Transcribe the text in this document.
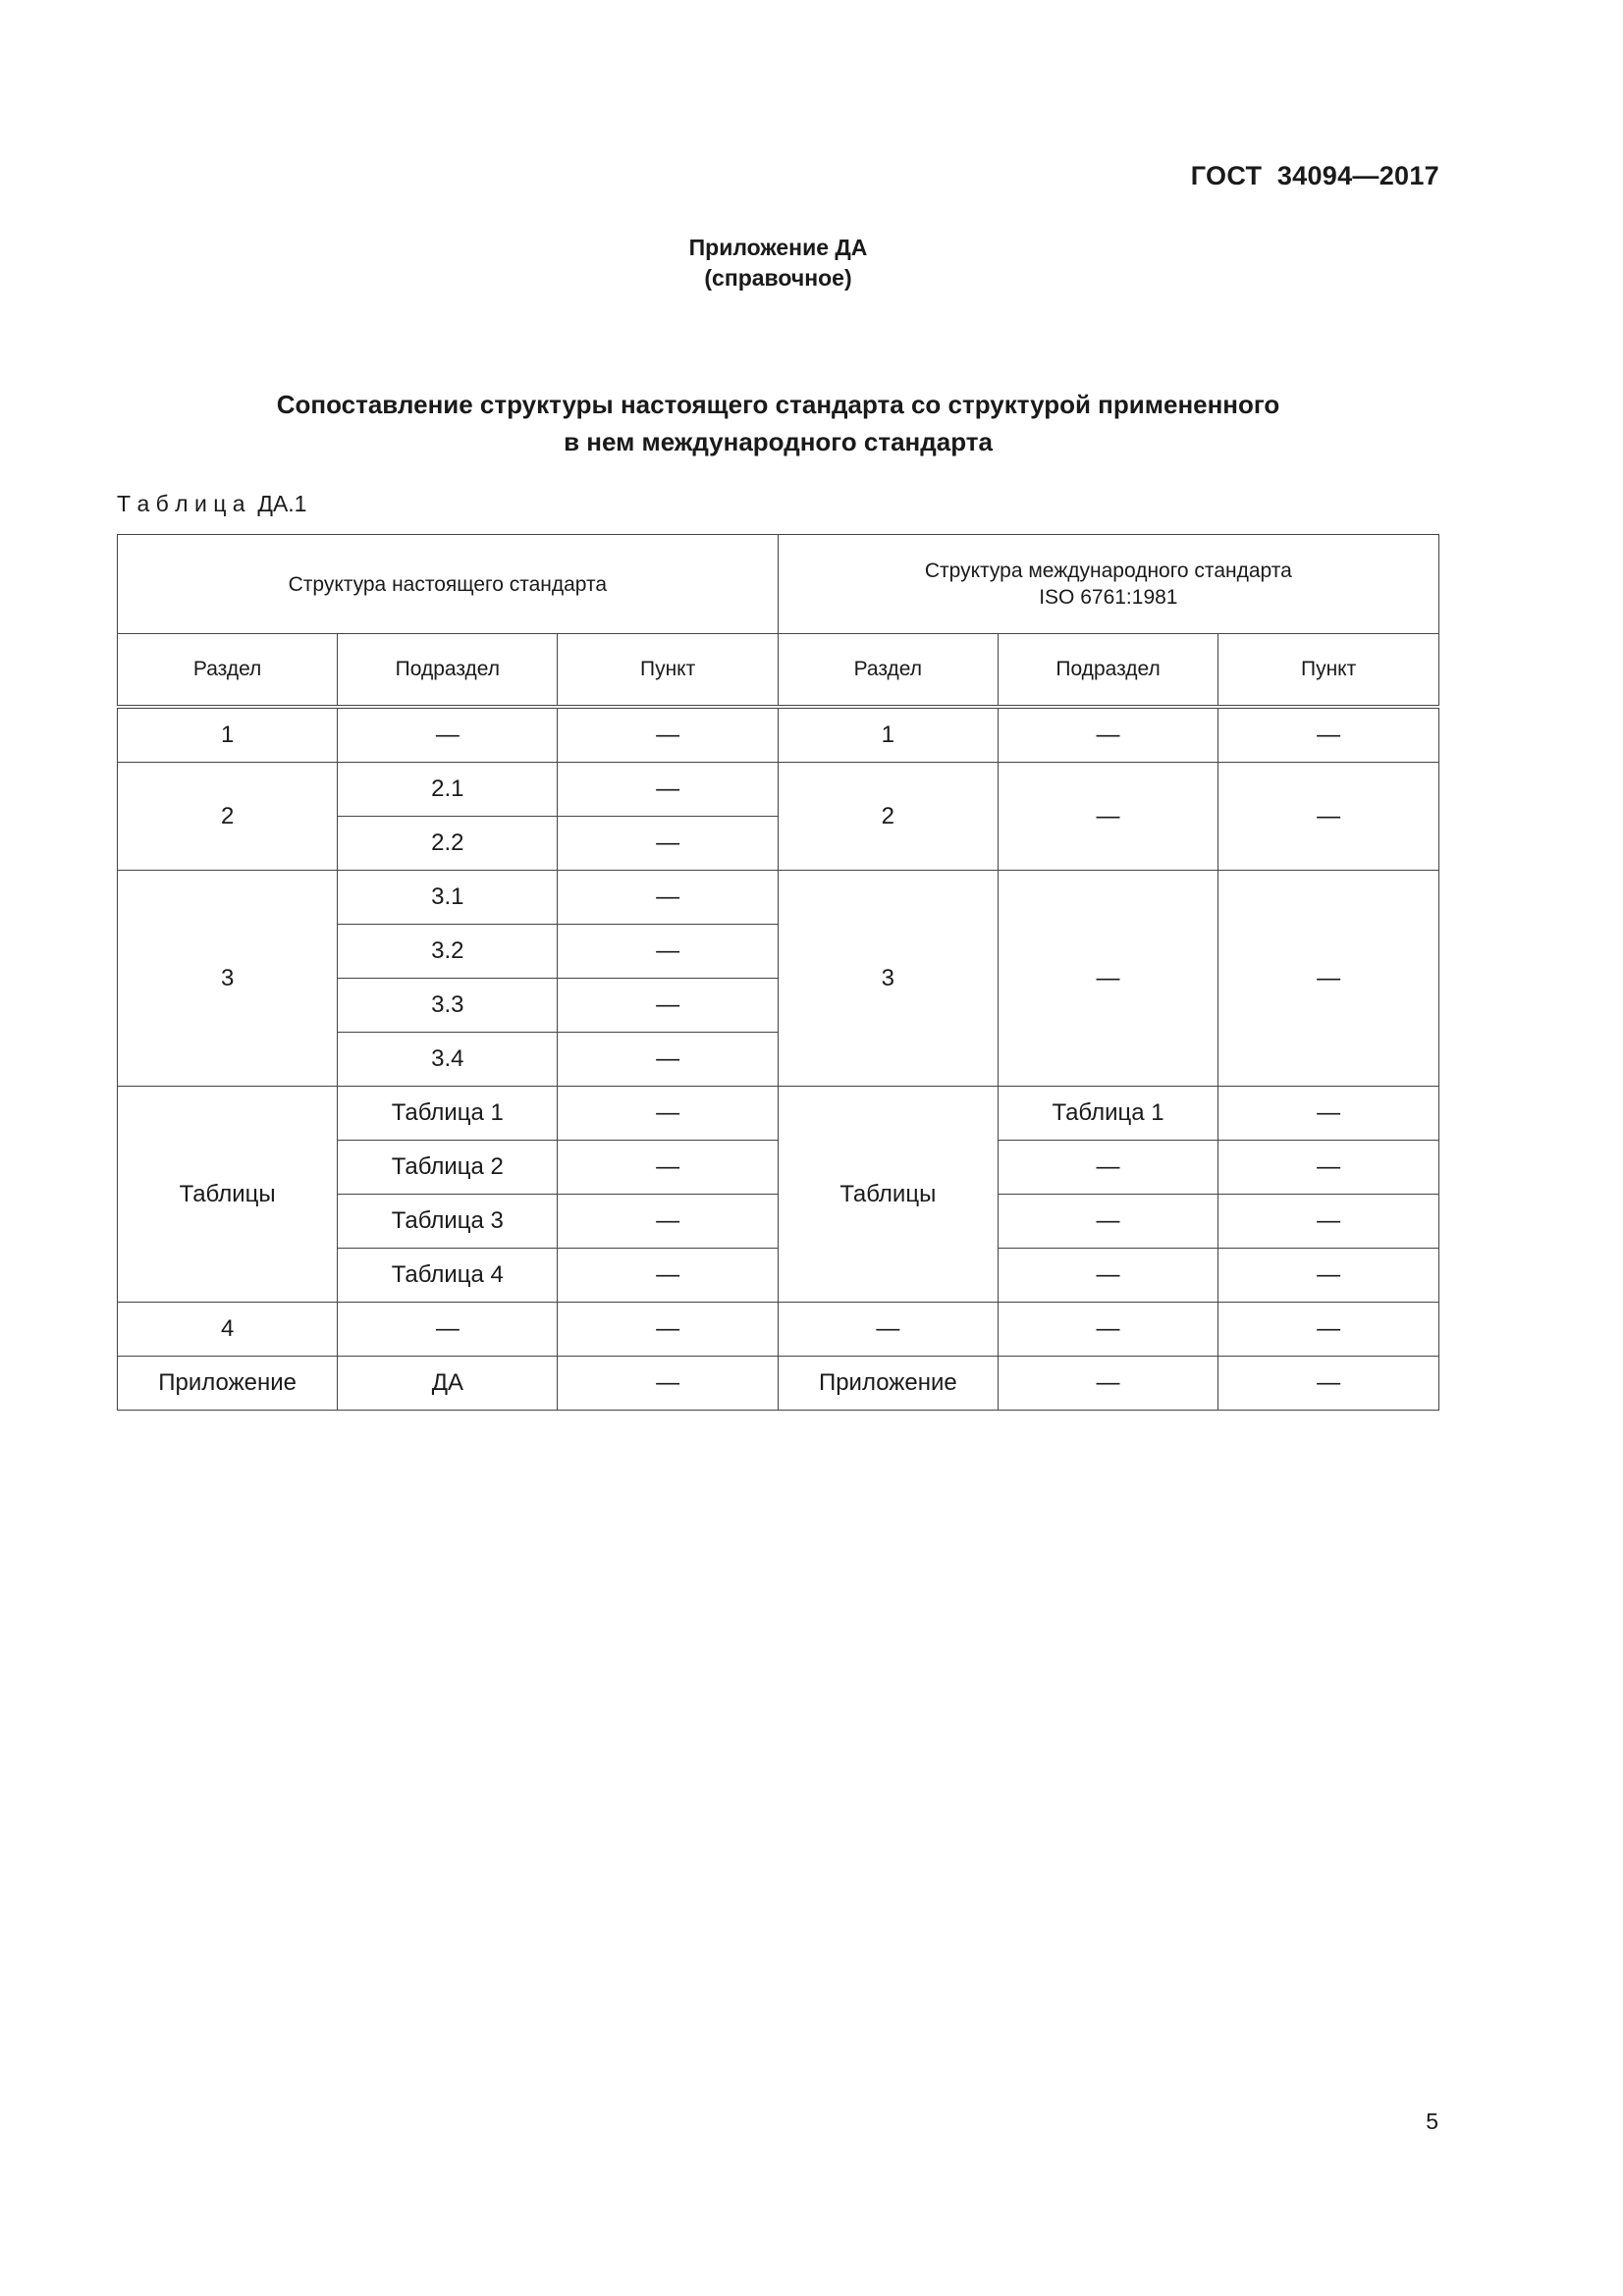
ГОСТ  34094—2017
Приложение ДА
(справочное)
Сопоставление структуры настоящего стандарта со структурой примененного
в нем международного стандарта
Т а б л и ц а  ДА.1
Структура настоящего стандарта			Структура международного стандарта
ISO 6761:1981		

Раздел	Подраздел	Пункт	Раздел	Подраздел	Пункт
1	—	—	1	—	—
2	2.1	—	2	—	—
	2.2	—			
3	3.1	—	3	—	—
	3.2	—			
	3.3	—			
	3.4	—			
Таблицы	Таблица 1	—	Таблицы	Таблица 1	—
	Таблица 2	—		—	—
	Таблица 3	—		—	—
	Таблица 4	—		—	—
4	—	—	—	—	—
Приложение	ДА	—	Приложение	—	—
5
